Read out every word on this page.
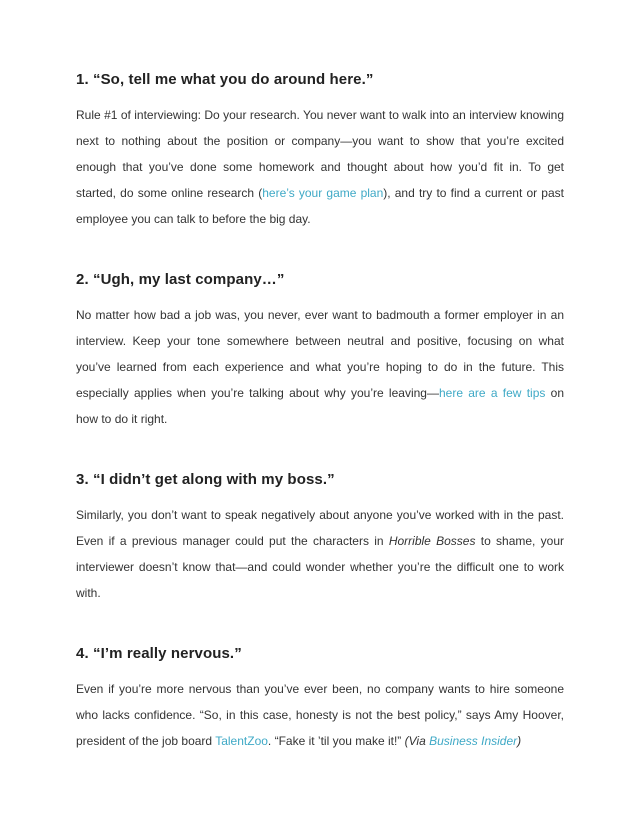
1. “So, tell me what you do around here.”

Rule #1 of interviewing: Do your research. You never want to walk into an interview knowing next to nothing about the position or company—you want to show that you’re excited enough that you’ve done some homework and thought about how you’d fit in. To get started, do some online research (here’s your game plan), and try to find a current or past employee you can talk to before the big day.

2. “Ugh, my last company…”

No matter how bad a job was, you never, ever want to badmouth a former employer in an interview. Keep your tone somewhere between neutral and positive, focusing on what you’ve learned from each experience and what you’re hoping to do in the future. This especially applies when you’re talking about why you’re leaving—here are a few tips on how to do it right.

3. “I didn’t get along with my boss.”

Similarly, you don’t want to speak negatively about anyone you’ve worked with in the past. Even if a previous manager could put the characters in Horrible Bosses to shame, your interviewer doesn’t know that—and could wonder whether you’re the difficult one to work with.

4. “I’m really nervous.”

Even if you’re more nervous than you’ve ever been, no company wants to hire someone who lacks confidence. “So, in this case, honesty is not the best policy,” says Amy Hoover, president of the job board TalentZoo. “Fake it ’til you make it!” (Via Business Insider)
